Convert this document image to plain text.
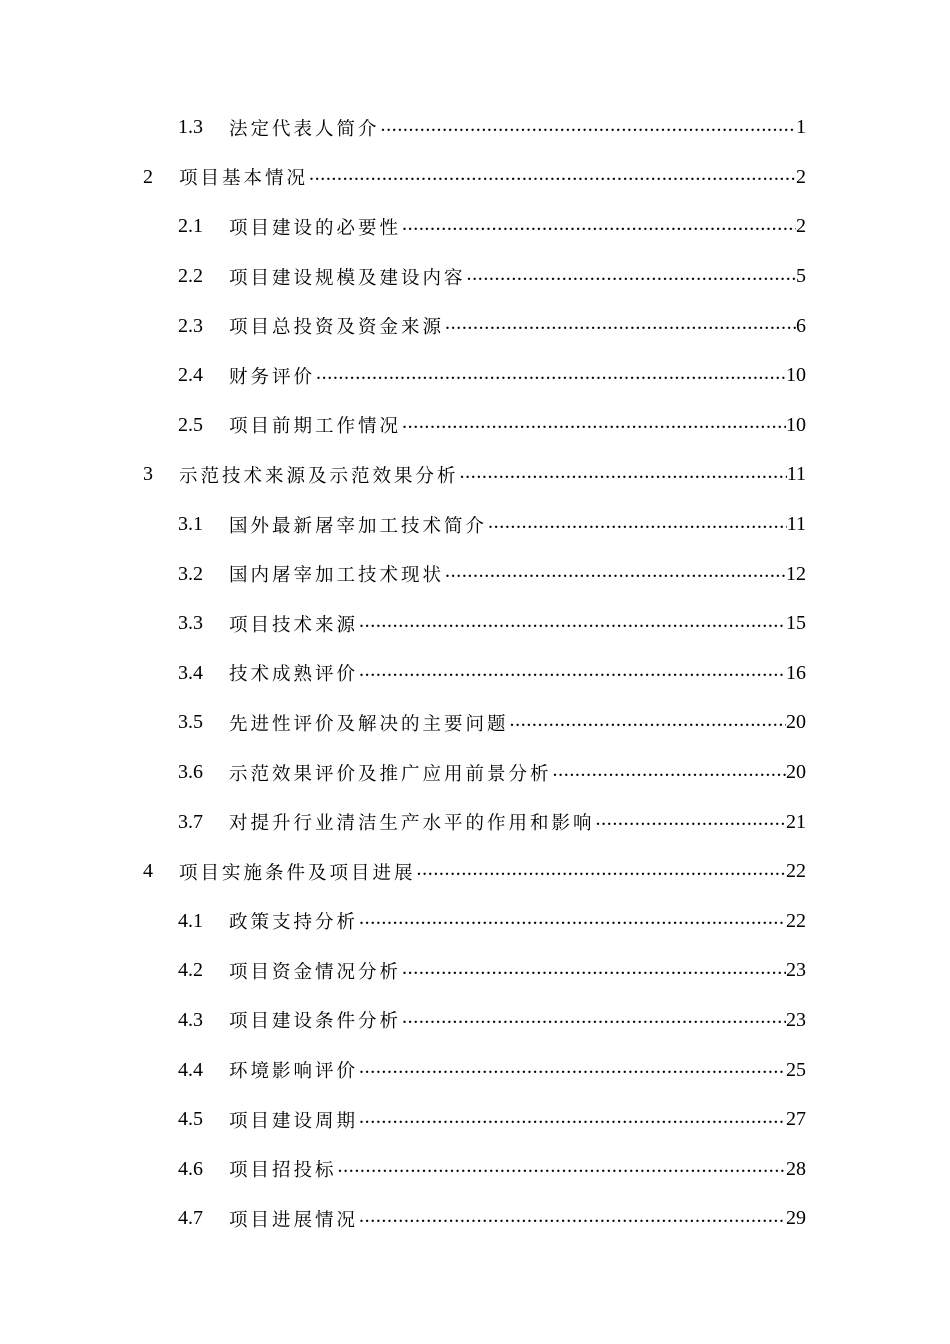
1.3	法定代表人简介 .....	1
2	项目基本情况 .....	2
2.1	项目建设的必要性 .....	2
2.2	项目建设规模及建设内容 .....	5
2.3	项目总投资及资金来源 .....	6
2.4	财务评价 .....	10
2.5	项目前期工作情况 .....	10
3	示范技术来源及示范效果分析 .....	11
3.1	国外最新屠宰加工技术简介 .....	11
3.2	国内屠宰加工技术现状 .....	12
3.3	项目技术来源 .....	15
3.4	技术成熟评价 .....	16
3.5	先进性评价及解决的主要问题 .....	20
3.6	示范效果评价及推广应用前景分析 .....	20
3.7	对提升行业清洁生产水平的作用和影响 .....	21
4	项目实施条件及项目进展 .....	22
4.1	政策支持分析 .....	22
4.2	项目资金情况分析 .....	23
4.3	项目建设条件分析 .....	23
4.4	环境影响评价 .....	25
4.5	项目建设周期 .....	27
4.6	项目招投标 .....	28
4.7	项目进展情况 .....	29
